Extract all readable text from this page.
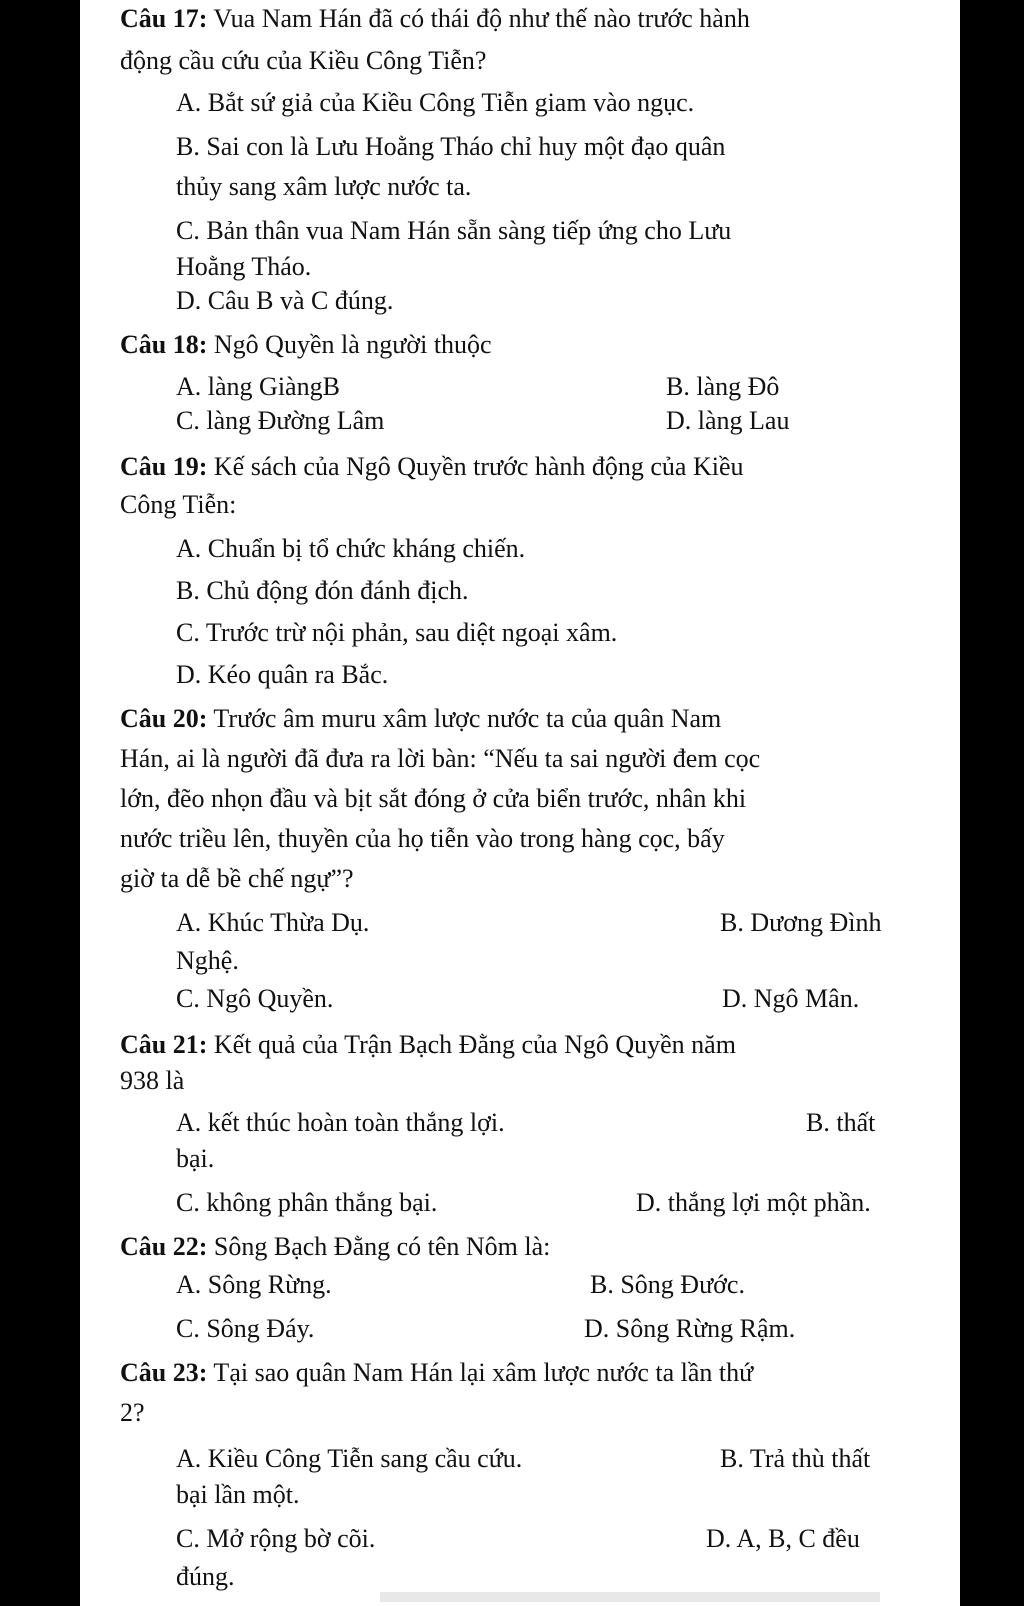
Câu 17: Vua Nam Hán đã có thái độ như thế nào trước hành
động cầu cứu của Kiều Công Tiễn?
A. Bắt sứ giả của Kiều Công Tiễn giam vào ngục.
B. Sai con là Lưu Hoằng Tháo chỉ huy một đạo quân
thủy sang xâm lược nước ta.
C. Bản thân vua Nam Hán sẵn sàng tiếp ứng cho Lưu
Hoằng Tháo.
D. Câu B và C đúng.
Câu 18: Ngô Quyền là người thuộc
A. làng GiàngB	B. làng Đô
C. làng Đường Lâm	D. làng Lau
Câu 19: Kế sách của Ngô Quyền trước hành động của Kiều
Công Tiễn:
A. Chuẩn bị tổ chức kháng chiến.
B. Chủ động đón đánh địch.
C. Trước trừ nội phản, sau diệt ngoại xâm.
D. Kéo quân ra Bắc.
Câu 20: Trước âm muru xâm lược nước ta của quân Nam
Hán, ai là người đã đưa ra lời bàn: “Nếu ta sai người đem cọc
lớn, đẽo nhọn đầu và bịt sắt đóng ở cửa biển trước, nhân khi
nước triều lên, thuyền của họ tiễn vào trong hàng cọc, bấy
giờ ta dễ bề chế ngự”?
A. Khúc Thừa Dụ.	B. Dương Đình
Nghệ.
C. Ngô Quyền.	D. Ngô Mân.
Câu 21: Kết quả của Trận Bạch Đằng của Ngô Quyền năm
938 là
A. kết thúc hoàn toàn thắng lợi.	B. thất
bại.
C. không phân thắng bại.	D. thắng lợi một phần.
Câu 22: Sông Bạch Đằng có tên Nôm là:
A. Sông Rừng.	B. Sông Đước.
C. Sông Đáy.	D. Sông Rừng Rậm.
Câu 23: Tại sao quân Nam Hán lại xâm lược nước ta lần thứ
2?
A. Kiều Công Tiễn sang cầu cứu.	B. Trả thù thất
bại lần một.
C. Mở rộng bờ cõi.	D. A, B, C đều
đúng.
